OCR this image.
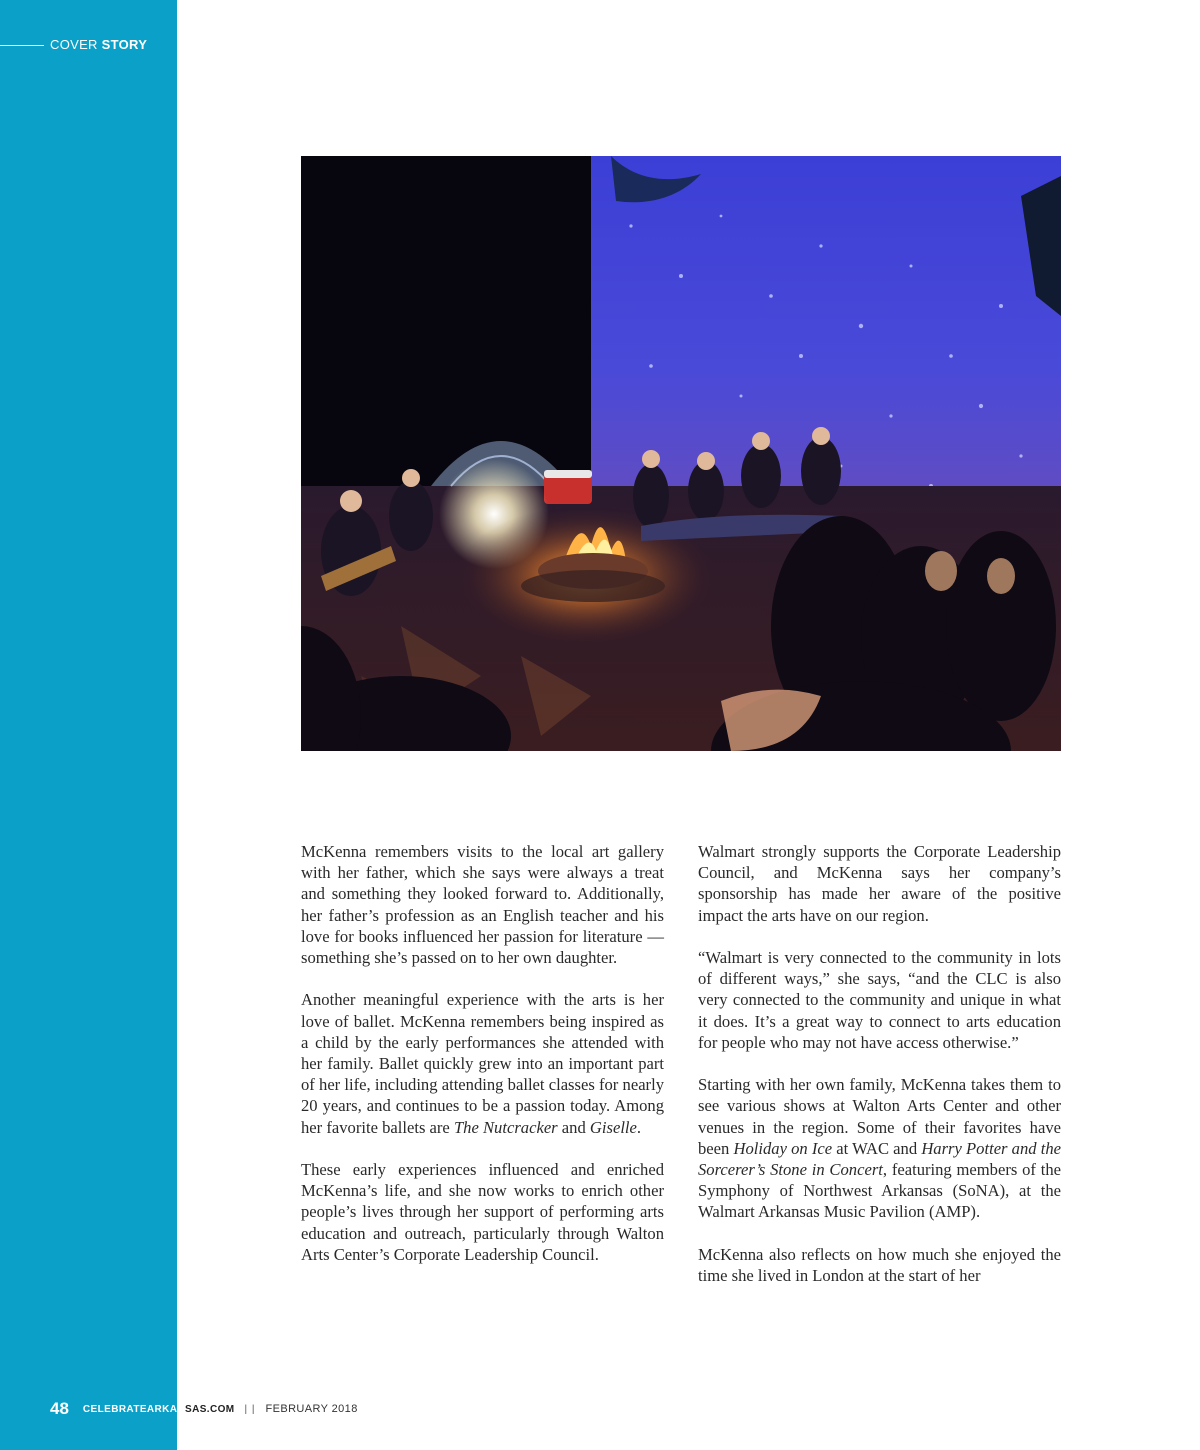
COVER STORY

McKenna remembers visits to the local art gallery with her father, which she says were always a treat and something they looked forward to. Additionally, her father’s profession as an English teacher and his love for books influenced her passion for literature — something she’s passed on to her own daughter.

Another meaningful experience with the arts is her love of ballet. McKenna remembers being inspired as a child by the early performances she attended with her family. Ballet quickly grew into an important part of her life, including attending ballet classes for nearly 20 years, and continues to be a passion today. Among her favorite ballets are The Nutcracker and Giselle.

These early experiences influenced and enriched McKenna’s life, and she now works to enrich other people’s lives through her support of performing arts education and outreach, particularly through Walton Arts Center’s Corporate Leadership Council.

Walmart strongly supports the Corporate Leadership Council, and McKenna says her company’s sponsorship has made her aware of the positive impact the arts have on our region.

“Walmart is very connected to the community in lots of different ways,” she says, “and the CLC is also very connected to the community and unique in what it does. It’s a great way to connect to arts education for people who may not have access otherwise.”

Starting with her own family, McKenna takes them to see various shows at Walton Arts Center and other venues in the region. Some of their favorites have been Holiday on Ice at WAC and Harry Potter and the Sorcerer’s Stone in Concert, featuring members of the Symphony of Northwest Arkansas (SoNA), at the Walmart Arkansas Music Pavilion (AMP).

McKenna also reflects on how much she enjoyed the time she lived in London at the start of her

48 CELEBRATEARKANSAS.COM | | FEBRUARY 2018
